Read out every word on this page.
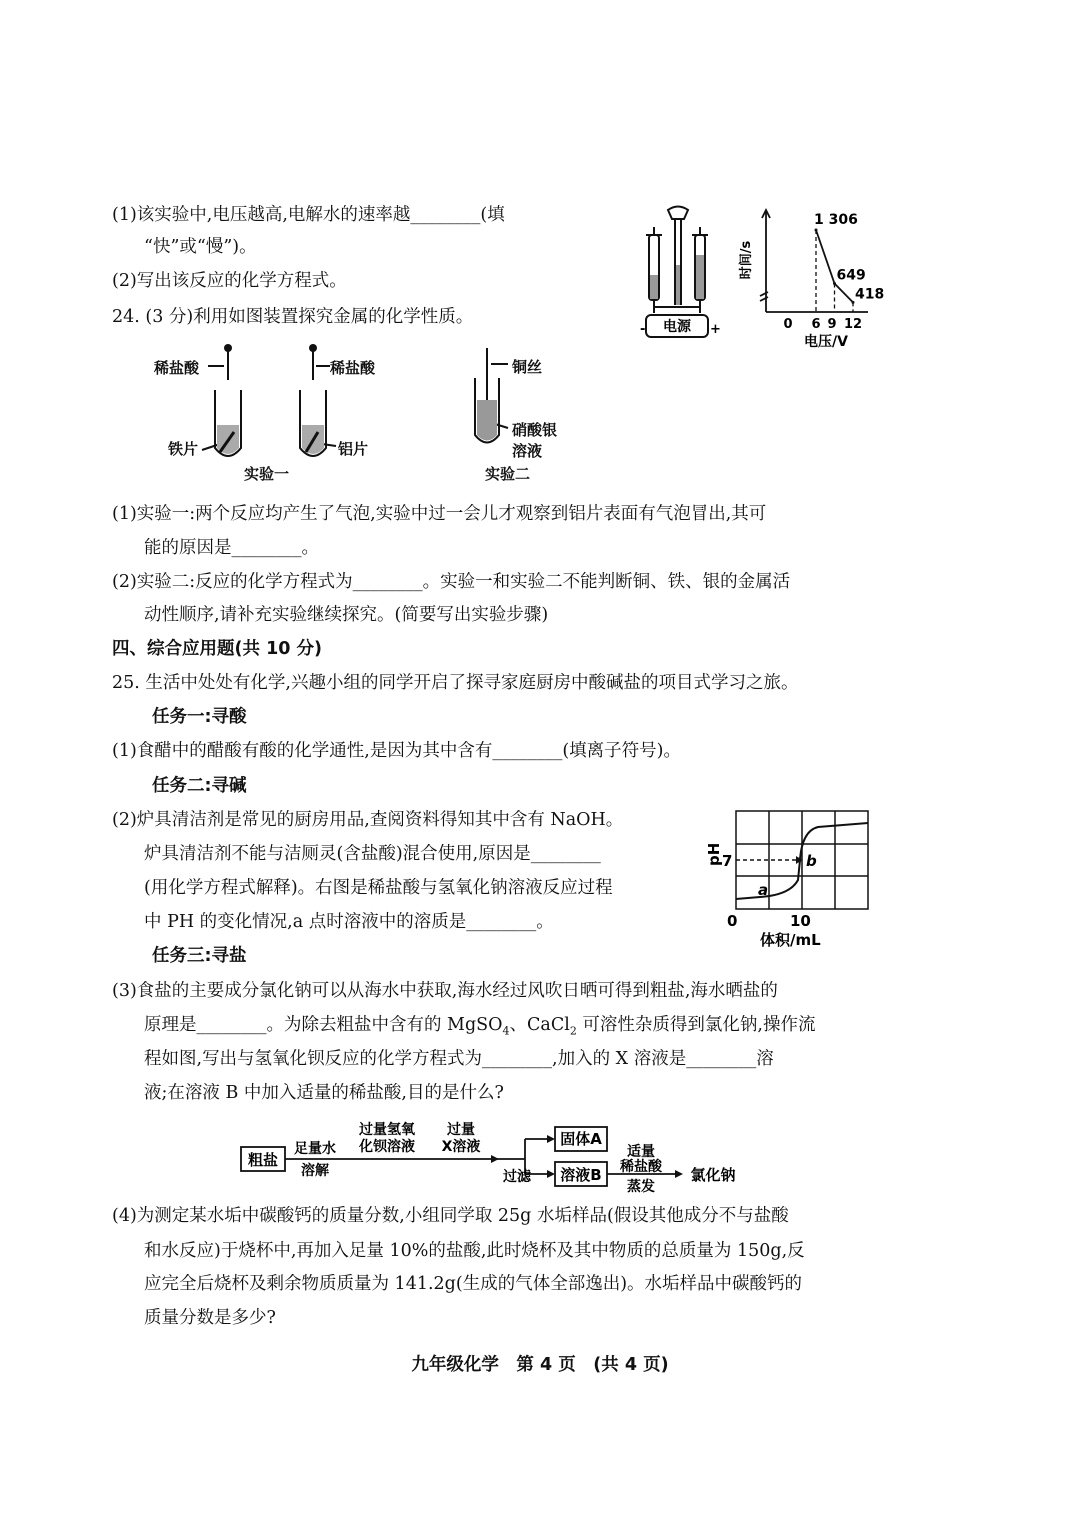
(1)该实验中,电压越高,电解水的速率越________(填
“快”或“慢”)。
(2)写出该反应的化学方程式。
电源
-	+
时间/s
1 306
649
418
0 6 9 12
电压/V
24. (3 分)利用如图装置探究金属的化学性质。
稀盐酸	稀盐酸
铁片	铝片
实验一
铜丝
硝酸银
溶液
实验二
(1)实验一:两个反应均产生了气泡,实验中过一会儿才观察到铝片表面有气泡冒出,其可
能的原因是________。
(2)实验二:反应的化学方程式为________。实验一和实验二不能判断铜、铁、银的金属活
动性顺序,请补充实验继续探究。(简要写出实验步骤)
四、综合应用题(共 10 分)
25. 生活中处处有化学,兴趣小组的同学开启了探寻家庭厨房中酸碱盐的项目式学习之旅。
任务一:寻酸
(1)食醋中的醋酸有酸的化学通性,是因为其中含有________(填离子符号)。
任务二:寻碱
(2)炉具清洁剂是常见的厨房用品,查阅资料得知其中含有 NaOH。
炉具清洁剂不能与洁厕灵(含盐酸)混合使用,原因是________
(用化学方程式解释)。右图是稀盐酸与氢氧化钠溶液反应过程
中 PH 的变化情况,a 点时溶液中的溶质是________。
pH 7	b
a
0	10
体积/mL
任务三:寻盐
(3)食盐的主要成分氯化钠可以从海水中获取,海水经过风吹日晒可得到粗盐,海水晒盐的
原理是________。为除去粗盐中含有的 MgSO$_4$、CaCl$_2$ 可溶性杂质得到氯化钠,操作流
程如图,写出与氢氧化钡反应的化学方程式为________,加入的 X 溶液是________溶
液;在溶液 B 中加入适量的稀盐酸,目的是什么?
粗盐
足量水
溶解
过量氢氧
化钡溶液
过量
X溶液
过滤
固体A
溶液B
适量
稀盐酸
蒸发
氯化钠
(4)为测定某水垢中碳酸钙的质量分数,小组同学取 25g 水垢样品(假设其他成分不与盐酸
和水反应)于烧杯中,再加入足量 10%的盐酸,此时烧杯及其中物质的总质量为 150g,反
应完全后烧杯及剩余物质质量为 141.2g(生成的气体全部逸出)。水垢样品中碳酸钙的
质量分数是多少?
九年级化学　第 4 页　(共 4 页)
